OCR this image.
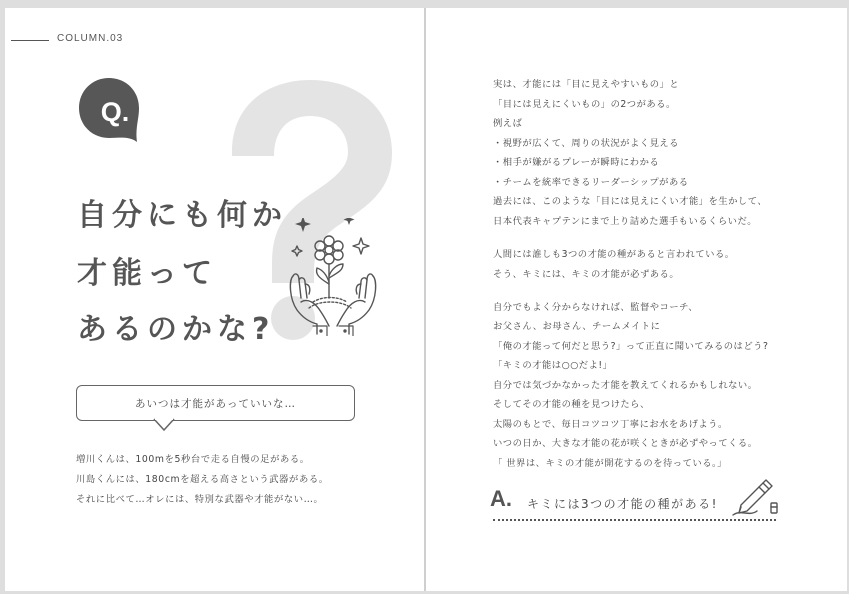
COLUMN.03
Q.
自分にも何か
才能って
あるのかな?
あいつは才能があっていいな…

増川くんは、100mを5秒台で走る自慢の足がある。

川島くんには、180cmを超える高さという武器がある。

それに比べて…オレには、特別な武器や才能がない…。

実は、才能には「目に見えやすいもの」と

「目には見えにくいもの」の2つがある。

例えば

・視野が広くて、周りの状況がよく見える

・相手が嫌がるプレーが瞬時にわかる

・チームを統率できるリーダーシップがある

過去には、このような「目には見えにくい才能」を生かして、

日本代表キャプテンにまで上り詰めた選手もいるくらいだ。

人間には誰しも3つの才能の種があると言われている。

そう、キミには、キミの才能が必ずある。

自分でもよく分からなければ、監督やコーチ、

お父さん、お母さん、チームメイトに

「俺の才能って何だと思う?」って正直に聞いてみるのはどう?

「キミの才能は○○だよ!」

自分では気づかなかった才能を教えてくれるかもしれない。

そしてその才能の種を見つけたら、

太陽のもとで、毎日コツコツ丁寧にお水をあげよう。

いつの日か、大きな才能の花が咲くときが必ずやってくる。

「 世界は、キミの才能が開花するのを待っている。」

A. キミには3つの才能の種がある!
